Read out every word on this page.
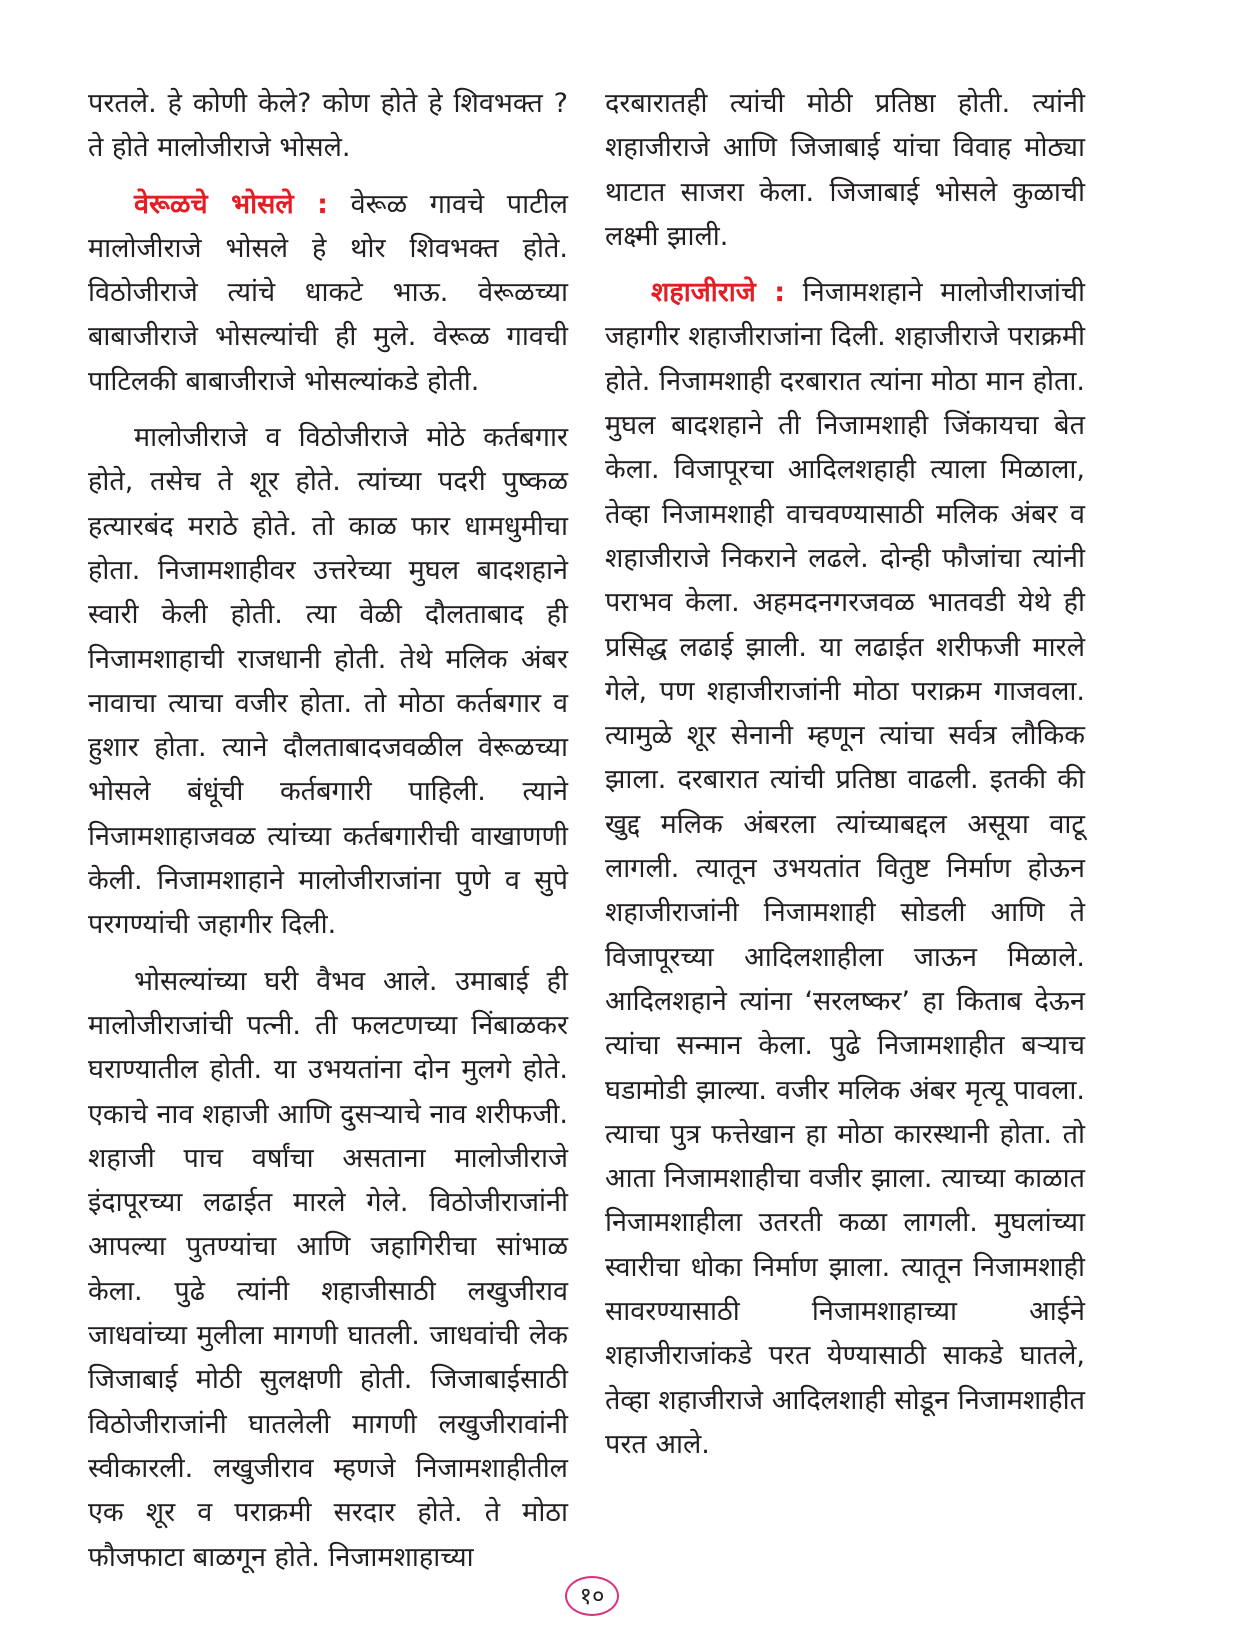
परतले. हे कोणी केले? कोण होते हे शिवभक्त ? ते होते मालोजीराजे भोसले.

वेरूळचे भोसले : वेरूळ गावचे पाटील मालोजीराजे भोसले हे थोर शिवभक्त होते. विठोजीराजे त्यांचे धाकटे भाऊ. वेरूळच्या बाबाजीराजे भोसल्यांची ही मुले. वेरूळ गावची पाटिलकी बाबाजीराजे भोसल्यांकडे होती.

मालोजीराजे व विठोजीराजे मोठे कर्तबगार होते, तसेच ते शूर होते. त्यांच्या पदरी पुष्कळ हत्यारबंद मराठे होते. तो काळ फार धामधुमीचा होता. निजामशाहीवर उत्तरेच्या मुघल बादशहाने स्वारी केली होती. त्या वेळी दौलताबाद ही निजामशाहाची राजधानी होती. तेथे मलिक अंबर नावाचा त्याचा वजीर होता. तो मोठा कर्तबगार व हुशार होता. त्याने दौलताबादजवळील वेरूळच्या भोसले बंधूंची कर्तबगारी पाहिली. त्याने निजामशाहाजवळ त्यांच्या कर्तबगारीची वाखाणणी केली. निजामशाहाने मालोजीराजांना पुणे व सुपे परगण्यांची जहागीर दिली.

भोसल्यांच्या घरी वैभव आले. उमाबाई ही मालोजीराजांची पत्नी. ती फलटणच्या निंबाळकर घराण्यातील होती. या उभयतांना दोन मुलगे होते. एकाचे नाव शहाजी आणि दुसऱ्याचे नाव शरीफजी. शहाजी पाच वर्षांचा असताना मालोजीराजे इंदापूरच्या लढाईत मारले गेले. विठोजीराजांनी आपल्या पुतण्यांचा आणि जहागिरीचा सांभाळ केला. पुढे त्यांनी शहाजीसाठी लखुजीराव जाधवांच्या मुलीला मागणी घातली. जाधवांची लेक जिजाबाई मोठी सुलक्षणी होती. जिजाबाईसाठी विठोजीराजांनी घातलेली मागणी लखुजीरावांनी स्वीकारली. लखुजीराव म्हणजे निजामशाहीतील एक शूर व पराक्रमी सरदार होते. ते मोठा फौजफाटा बाळगून होते. निजामशाहाच्या

दरबारातही त्यांची मोठी प्रतिष्ठा होती. त्यांनी शहाजीराजे आणि जिजाबाई यांचा विवाह मोठ्या थाटात साजरा केला. जिजाबाई भोसले कुळाची लक्ष्मी झाली.

शहाजीराजे : निजामशहाने मालोजीराजांची जहागीर शहाजीराजांना दिली. शहाजीराजे पराक्रमी होते. निजामशाही दरबारात त्यांना मोठा मान होता. मुघल बादशहाने ती निजामशाही जिंकायचा बेत केला. विजापूरचा आदिलशहाही त्याला मिळाला, तेव्हा निजामशाही वाचवण्यासाठी मलिक अंबर व शहाजीराजे निकराने लढले. दोन्ही फौजांचा त्यांनी पराभव केला. अहमदनगरजवळ भातवडी येथे ही प्रसिद्ध लढाई झाली. या लढाईत शरीफजी मारले गेले, पण शहाजीराजांनी मोठा पराक्रम गाजवला. त्यामुळे शूर सेनानी म्हणून त्यांचा सर्वत्र लौकिक झाला. दरबारात त्यांची प्रतिष्ठा वाढली. इतकी की खुद्द मलिक अंबरला त्यांच्याबद्दल असूया वाटू लागली. त्यातून उभयतांत वितुष्ट निर्माण होऊन शहाजीराजांनी निजामशाही सोडली आणि ते विजापूरच्या आदिलशाहीला जाऊन मिळाले. आदिलशहाने त्यांना ‘सरलष्कर’ हा किताब देऊन त्यांचा सन्मान केला. पुढे निजामशाहीत बऱ्याच घडामोडी झाल्या. वजीर मलिक अंबर मृत्यू पावला. त्याचा पुत्र फत्तेखान हा मोठा कारस्थानी होता. तो आता निजामशाहीचा वजीर झाला. त्याच्या काळात निजामशाहीला उतरती कळा लागली. मुघलांच्या स्वारीचा धोका निर्माण झाला. त्यातून निजामशाही सावरण्यासाठी निजामशाहाच्या आईने शहाजीराजांकडे परत येण्यासाठी साकडे घातले, तेव्हा शहाजीराजे आदिलशाही सोडून निजामशाहीत परत आले.

१०
